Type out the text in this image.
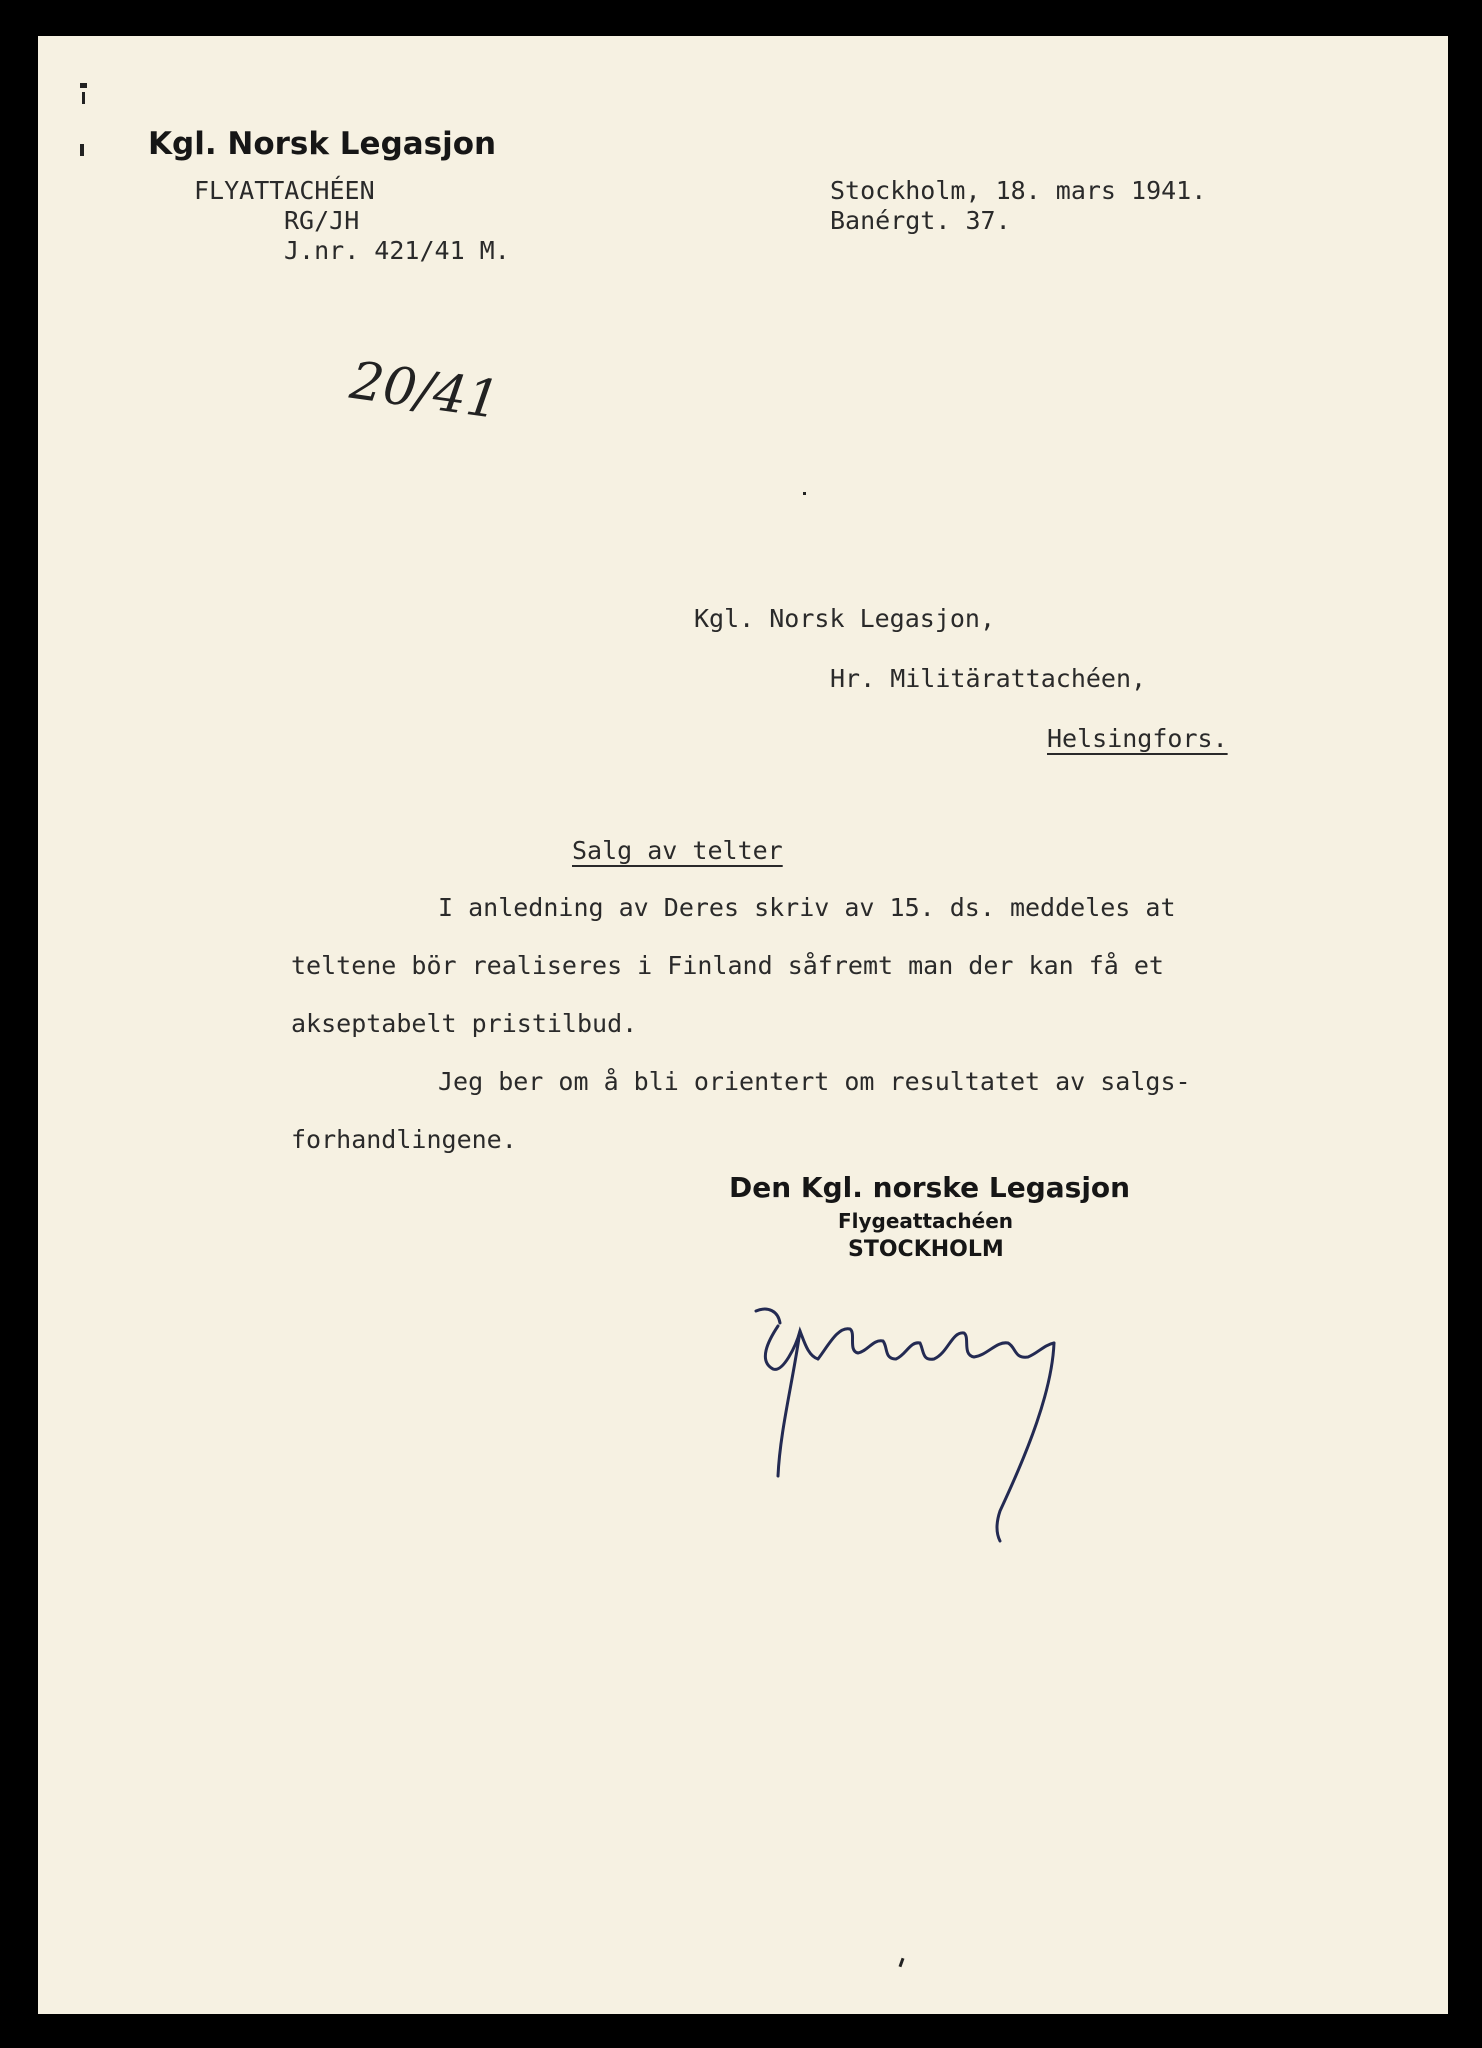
Kgl. Norsk Legasjon
FLYATTACHÉEN
RG/JH
J.nr. 421/41 M.
Stockholm, 18. mars 1941.
Banérgt. 37.
20/41
Kgl. Norsk Legasjon,
Hr. Militärattachéen,
Helsingfors.
Salg av telter
I anledning av Deres skriv av 15. ds. meddeles at
teltene bör realiseres i Finland såfremt man der kan få et
akseptabelt pristilbud.
Jeg ber om å bli orientert om resultatet av salgs-
forhandlingene.
Den Kgl. norske Legasjon
Flygeattachéen
STOCKHOLM
